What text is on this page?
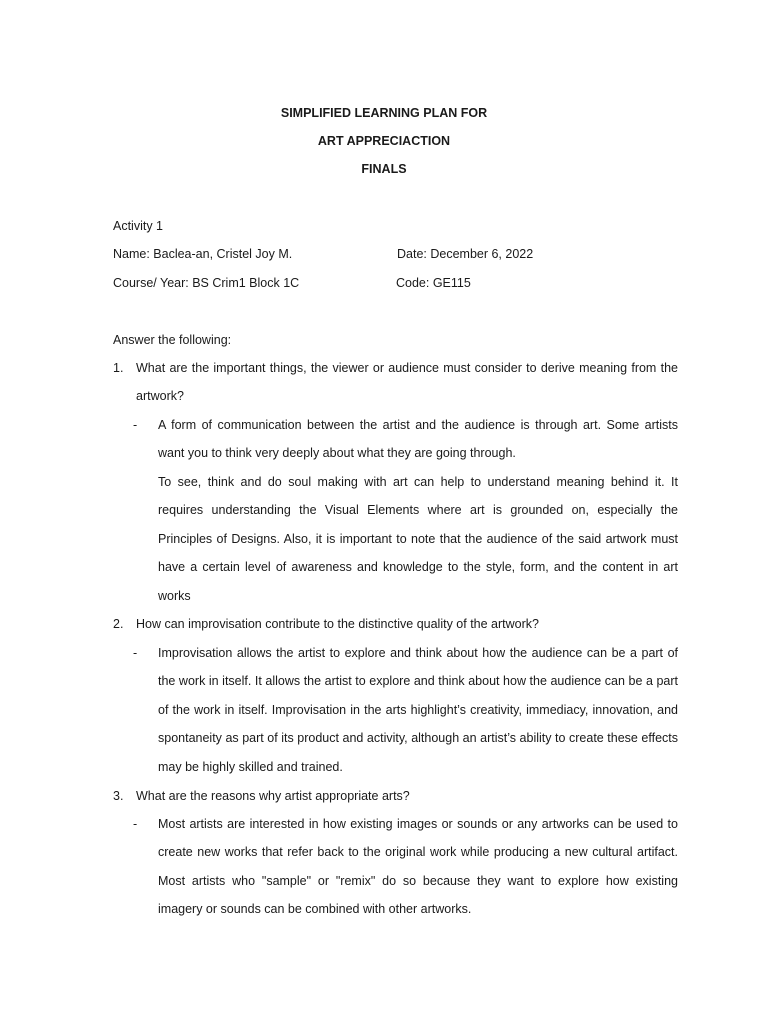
SIMPLIFIED LEARNING PLAN FOR
ART APPRECIACTION
FINALS
Activity 1
Name: Baclea-an, Cristel Joy M.	Date: December 6, 2022
Course/ Year: BS Crim1 Block 1C	Code: GE115
Answer the following:
1. What are the important things, the viewer or audience must consider to derive meaning from the artwork?
- A form of communication between the artist and the audience is through art. Some artists want you to think very deeply about what they are going through.
To see, think and do soul making with art can help to understand meaning behind it. It requires understanding the Visual Elements where art is grounded on, especially the Principles of Designs. Also, it is important to note that the audience of the said artwork must have a certain level of awareness and knowledge to the style, form, and the content in art works
2. How can improvisation contribute to the distinctive quality of the artwork?
- Improvisation allows the artist to explore and think about how the audience can be a part of the work in itself. It allows the artist to explore and think about how the audience can be a part of the work in itself. Improvisation in the arts highlight’s creativity, immediacy, innovation, and spontaneity as part of its product and activity, although an artist’s ability to create these effects may be highly skilled and trained.
3. What are the reasons why artist appropriate arts?
- Most artists are interested in how existing images or sounds or any artworks can be used to create new works that refer back to the original work while producing a new cultural artifact. Most artists who "sample" or "remix" do so because they want to explore how existing imagery or sounds can be combined with other artworks.
